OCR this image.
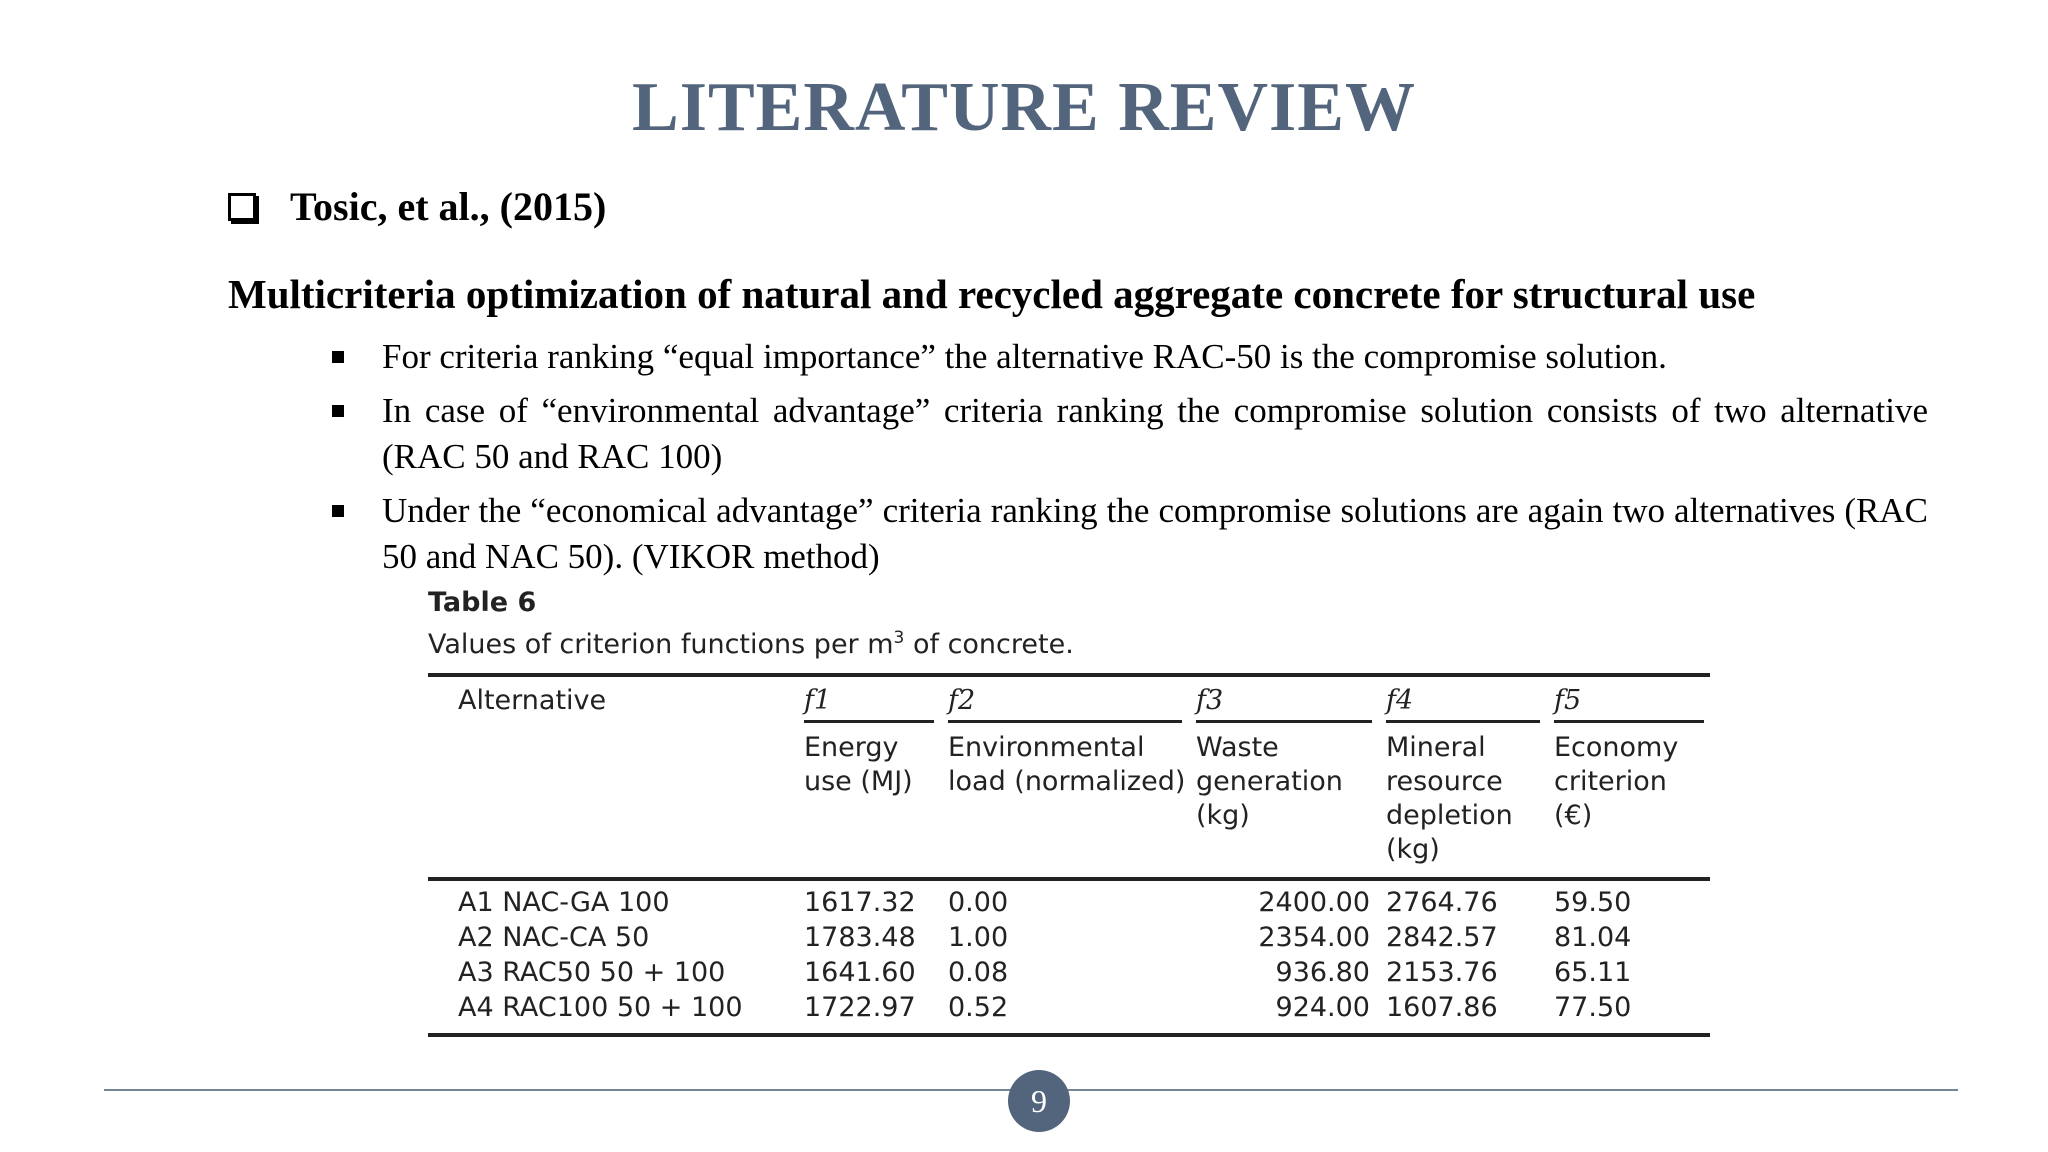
LITERATURE REVIEW
Tosic, et al., (2015)
Multicriteria optimization of natural and recycled aggregate concrete for structural use
For criteria ranking “equal importance” the alternative RAC-50 is the compromise solution.
In case of “environmental advantage” criteria ranking the compromise solution consists of two alternative (RAC 50 and RAC 100)
Under the “economical advantage” criteria ranking the compromise solutions are again two alternatives (RAC 50 and NAC 50). (VIKOR method)
Table 6
Values of criterion functions per $m^3$ of concrete.
Alternative	f1	f2	f3	f4	f5

	Energy use (MJ)	Environmental load (normalized)	Waste generation (kg)	Mineral resource depletion (kg)	Economy criterion (€)
A1 NAC-GA 100	1617.32	0.00	2400.00	2764.76	59.50
A2 NAC-CA 50	1783.48	1.00	2354.00	2842.57	81.04
A3 RAC50 50 + 100	1641.60	0.08	936.80	2153.76	65.11
A4 RAC100 50 + 100	1722.97	0.52	924.00	1607.86	77.50
9
